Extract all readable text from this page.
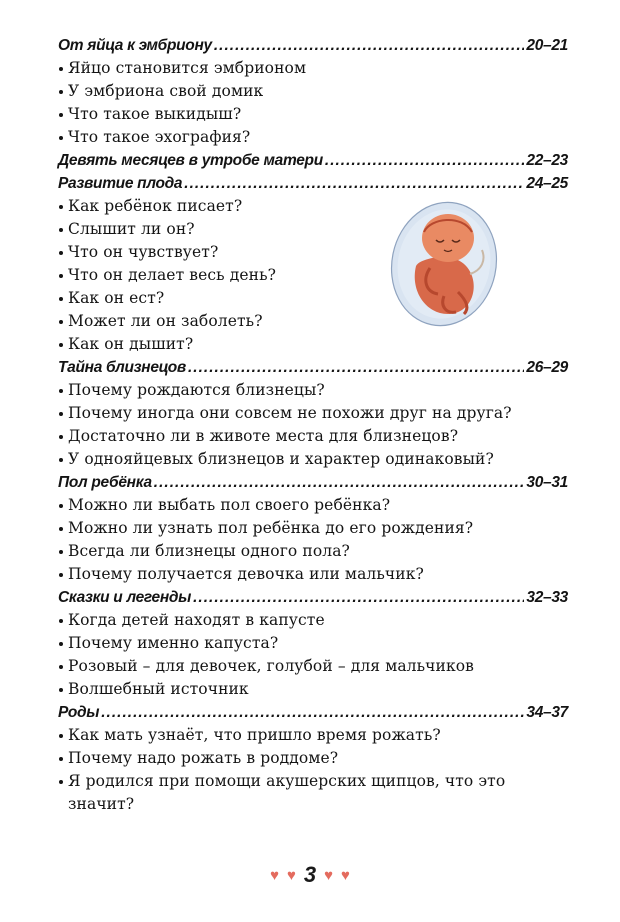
От яйца к эмбриону .....	20–21
Яйцо становится эмбрионом
У эмбриона свой домик
Что такое выкидыш?
Что такое эхография?
Девять месяцев в утробе матери .....	22–23
Развитие плода .....	24–25
Как ребёнок писает?
Слышит ли он?
Что он чувствует?
Что он делает весь день?
Как он ест?
Может ли он заболеть?
Как он дышит?
Тайна близнецов .....	26–29
Почему рождаются близнецы?
Почему иногда они совсем не похожи друг на друга?
Достаточно ли в животе места для близнецов?
У однояйцевых близнецов и характер одинаковый?
Пол ребёнка .....	30–31
Можно ли выбать пол своего ребёнка?
Можно ли узнать пол ребёнка до его рождения?
Всегда ли близнецы одного пола?
Почему получается девочка или мальчик?
Сказки и легенды .....	32–33
Когда детей находят в капусте
Почему именно капуста?
Розовый – для девочек, голубой – для мальчиков
Волшебный источник
Роды .....	34–37
Как мать узнаёт, что пришло время рожать?
Почему надо рожать в роддоме?
Я родился при помощи акушерских щипцов, что это значит?
♥ ♥ 3 ♥ ♥
